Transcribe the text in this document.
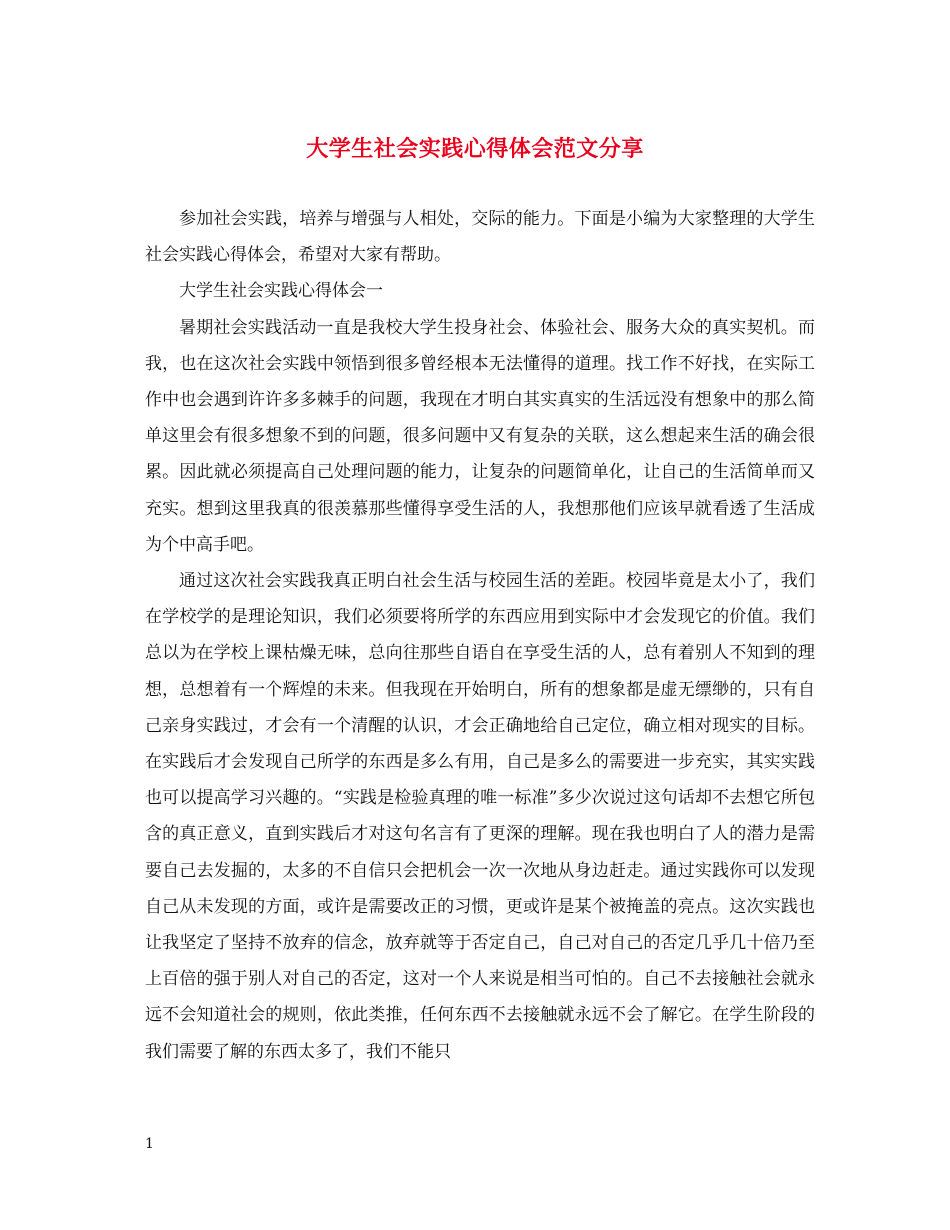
大学生社会实践心得体会范文分享

参加社会实践，培养与增强与人相处，交际的能力。下面是小编为大家整理的大学生社会实践心得体会，希望对大家有帮助。

大学生社会实践心得体会一

暑期社会实践活动一直是我校大学生投身社会、体验社会、服务大众的真实契机。而我，也在这次社会实践中领悟到很多曾经根本无法懂得的道理。找工作不好找，在实际工作中也会遇到许许多多棘手的问题，我现在才明白其实真实的生活远没有想象中的那么简单这里会有很多想象不到的问题，很多问题中又有复杂的关联，这么想起来生活的确会很累。因此就必须提高自己处理问题的能力，让复杂的问题简单化，让自己的生活简单而又充实。想到这里我真的很羡慕那些懂得享受生活的人，我想那他们应该早就看透了生活成为个中高手吧。

通过这次社会实践我真正明白社会生活与校园生活的差距。校园毕竟是太小了，我们在学校学的是理论知识，我们必须要将所学的东西应用到实际中才会发现它的价值。我们总以为在学校上课枯燥无味，总向往那些自语自在享受生活的人，总有着别人不知到的理想，总想着有一个辉煌的未来。但我现在开始明白，所有的想象都是虚无缥缈的，只有自己亲身实践过，才会有一个清醒的认识，才会正确地给自己定位，确立相对现实的目标。在实践后才会发现自己所学的东西是多么有用，自己是多么的需要进一步充实，其实实践也可以提高学习兴趣的。“实践是检验真理的唯一标准”多少次说过这句话却不去想它所包含的真正意义，直到实践后才对这句名言有了更深的理解。现在我也明白了人的潜力是需要自己去发掘的，太多的不自信只会把机会一次一次地从身边赶走。通过实践你可以发现自己从未发现的方面，或许是需要改正的习惯，更或许是某个被掩盖的亮点。这次实践也让我坚定了坚持不放弃的信念，放弃就等于否定自己，自己对自己的否定几乎几十倍乃至上百倍的强于别人对自己的否定，这对一个人来说是相当可怕的。自己不去接触社会就永远不会知道社会的规则，依此类推，任何东西不去接触就永远不会了解它。在学生阶段的我们需要了解的东西太多了，我们不能只

1
